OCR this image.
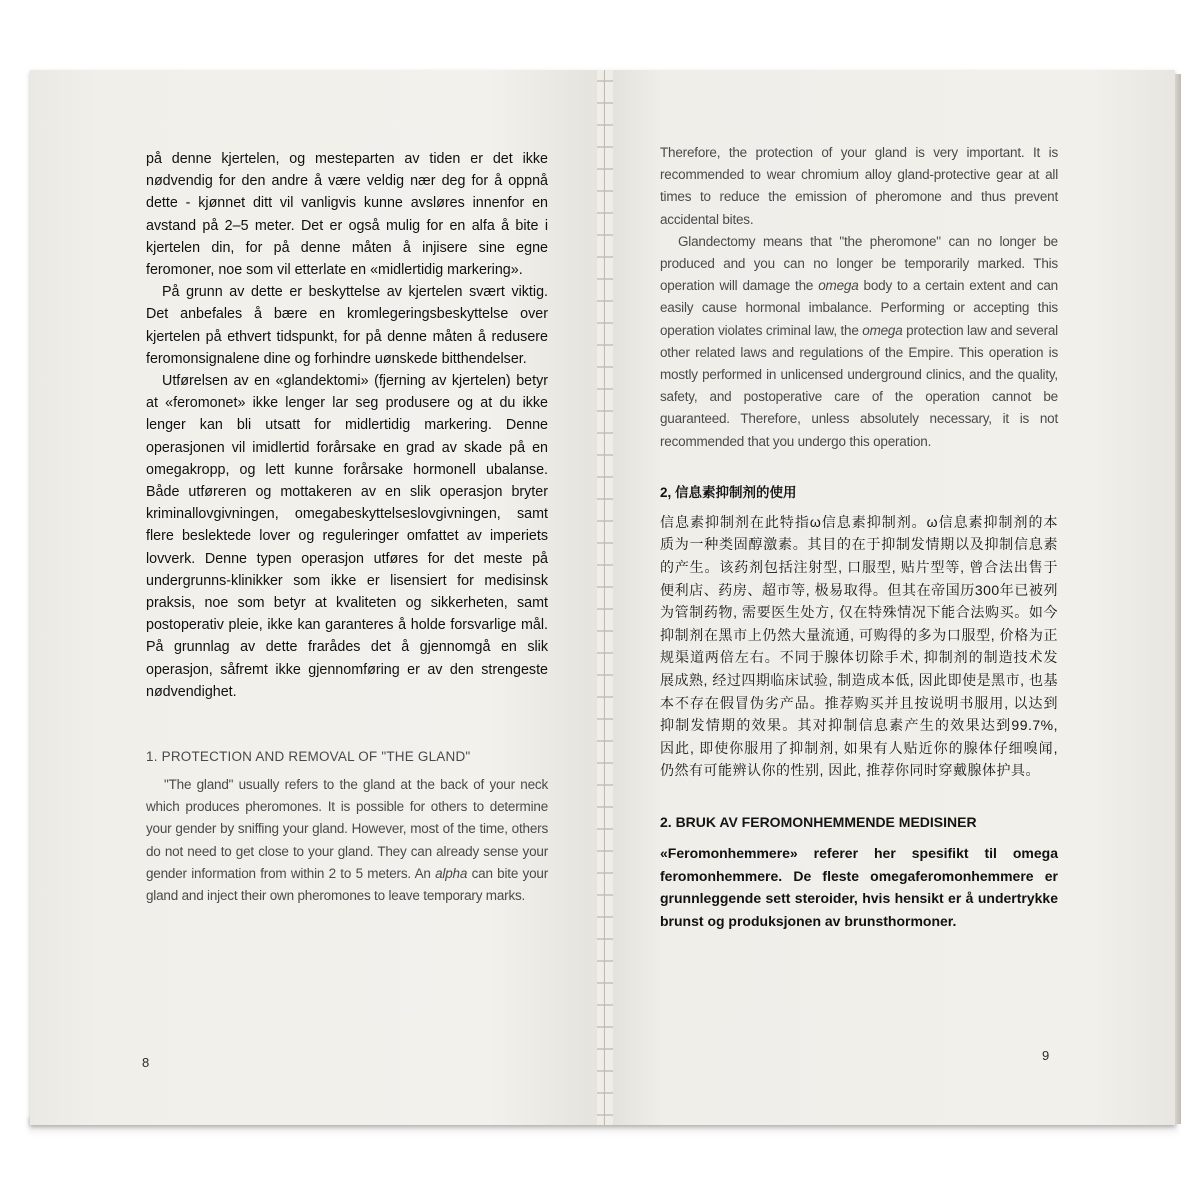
på denne kjertelen, og mesteparten av tiden er det ikke nødvendig for den andre å være veldig nær deg for å oppnå dette - kjønnet ditt vil vanligvis kunne avsløres innenfor en avstand på 2–5 meter. Det er også mulig for en alfa å bite i kjertelen din, for på denne måten å injisere sine egne feromoner, noe som vil etterlate en «midlertidig markering».

På grunn av dette er beskyttelse av kjertelen svært viktig. Det anbefales å bære en kromlegeringsbeskyttelse over kjertelen på ethvert tidspunkt, for på denne måten å redusere feromonsignalene dine og forhindre uønskede bitthendelser.

Utførelsen av en «glandektomi» (fjerning av kjertelen) betyr at «feromonet» ikke lenger lar seg produsere og at du ikke lenger kan bli utsatt for midlertidig markering. Denne operasjonen vil imidlertid forårsake en grad av skade på en omegakropp, og lett kunne forårsake hormonell ubalanse. Både utføreren og mottakeren av en slik operasjon bryter kriminallovgivningen, omegabeskyttelseslovgivningen, samt flere beslektede lover og reguleringer omfattet av imperiets lovverk. Denne typen operasjon utføres for det meste på undergrunns-klinikker som ikke er lisensiert for medisinsk praksis, noe som betyr at kvaliteten og sikkerheten, samt postoperativ pleie, ikke kan garanteres å holde forsvarlige mål. På grunnlag av dette frarådes det å gjennomgå en slik operasjon, såfremt ikke gjennomføring er av den strengeste nødvendighet.

1. PROTECTION AND REMOVAL OF "THE GLAND"

"The gland" usually refers to the gland at the back of your neck which produces pheromones. It is possible for others to determine your gender by sniffing your gland. However, most of the time, others do not need to get close to your gland. They can already sense your gender information from within 2 to 5 meters. An alpha can bite your gland and inject their own pheromones to leave temporary marks.

8

Therefore, the protection of your gland is very important. It is recommended to wear chromium alloy gland-protective gear at all times to reduce the emission of pheromone and thus prevent accidental bites.

Glandectomy means that "the pheromone" can no longer be produced and you can no longer be temporarily marked. This operation will damage the omega body to a certain extent and can easily cause hormonal imbalance. Performing or accepting this operation violates criminal law, the omega protection law and several other related laws and regulations of the Empire. This operation is mostly performed in unlicensed underground clinics, and the quality, safety, and postoperative care of the operation cannot be guaranteed. Therefore, unless absolutely necessary, it is not recommended that you undergo this operation.

2, 信息素抑制剂的使用

信息素抑制剂在此特指ω信息素抑制剂。ω信息素抑制剂的本质为一种类固醇激素。其目的在于抑制发情期以及抑制信息素的产生。该药剂包括注射型, 口服型, 贴片型等, 曾合法出售于便利店、药房、超市等, 极易取得。但其在帝国历300年已被列为管制药物, 需要医生处方, 仅在特殊情况下能合法购买。如今抑制剂在黑市上仍然大量流通, 可购得的多为口服型, 价格为正规渠道两倍左右。不同于腺体切除手术, 抑制剂的制造技术发展成熟, 经过四期临床试验, 制造成本低, 因此即使是黑市, 也基本不存在假冒伪劣产品。推荐购买并且按说明书服用, 以达到抑制发情期的效果。其对抑制信息素产生的效果达到99.7%, 因此, 即使你服用了抑制剂, 如果有人贴近你的腺体仔细嗅闻, 仍然有可能辨认你的性别, 因此, 推荐你同时穿戴腺体护具。

2. BRUK AV FEROMONHEMMENDE MEDISINER

«Feromonhemmere» referer her spesifikt til omega feromonhemmere. De fleste omegaferomonhemmere er grunnleggende sett steroider, hvis hensikt er å undertrykke brunst og produksjonen av brunsthormoner.

9
